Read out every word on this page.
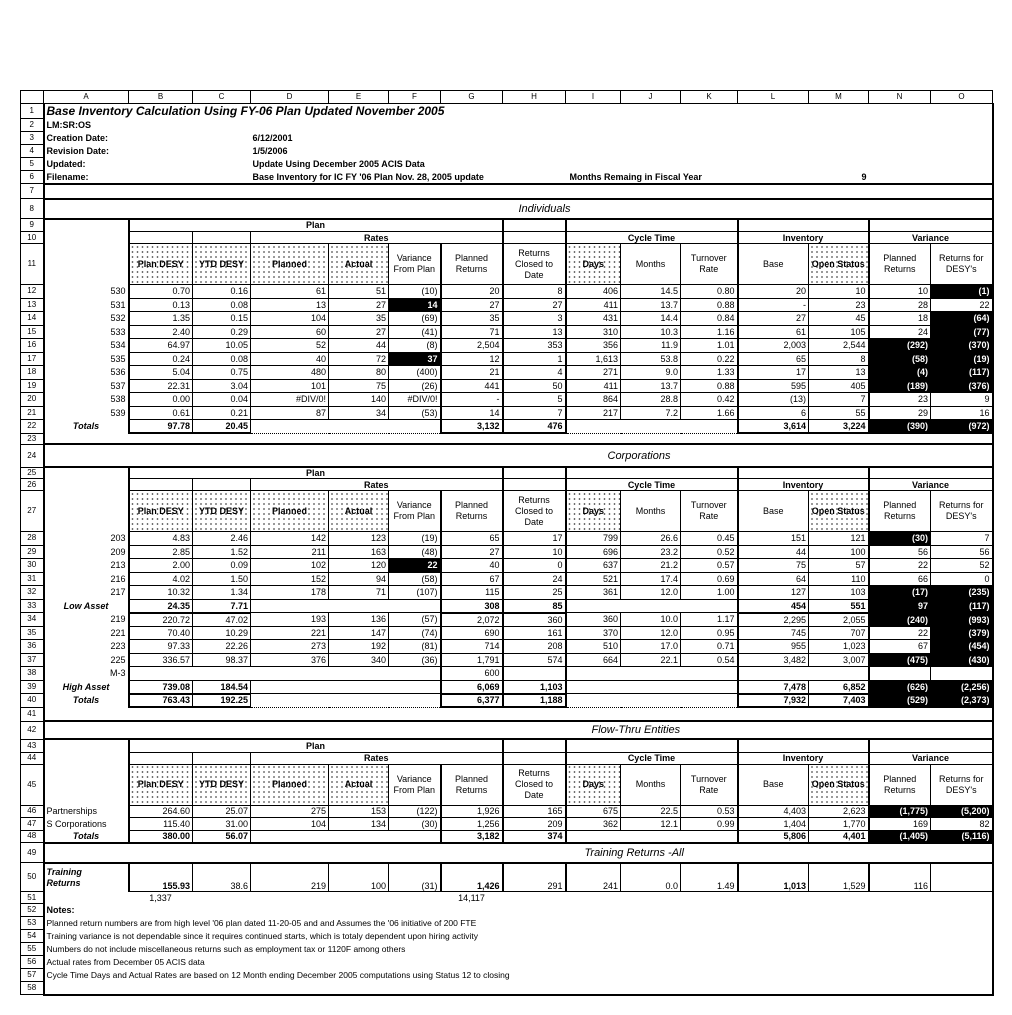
	A	B	C	D	E	F	G	H	I	J	K	L	M	N	O
1	Base Inventory Calculation Using FY-06 Plan Updated November 2005														
2	LM:SR:OS														
3	Creation Date:			6/12/2001											
4	Revision Date:			1/5/2006											
5	Updated:			Update Using December 2005 ACIS Data											
6	Filename:			Base Inventory for IC FY '06 Plan Nov. 28, 2005 update					Months Remaing in Fiscal Year				9		
7															
8	Individuals														
9		Plan													
10				Rates					Cycle Time			Inventory		Variance	
11		Plan DESY	YTD DESY	Planned	Actual	Variance From Plan	Planned Returns	Returns Closed to Date	Days	Months	Turnover Rate	Base	Open Status	Planned Returns	Returns for DESY's
12	530	0.70	0.16	61	51	(10)	20	8	406	14.5	0.80	20	10	10	(1)
13	531	0.13	0.08	13	27	14	27	27	411	13.7	0.88	-	23	28	22
14	532	1.35	0.15	104	35	(69)	35	3	431	14.4	0.84	27	45	18	(64)
15	533	2.40	0.29	60	27	(41)	71	13	310	10.3	1.16	61	105	24	(77)
16	534	64.97	10.05	52	44	(8)	2,504	353	356	11.9	1.01	2,003	2,544	(292)	(370)
17	535	0.24	0.08	40	72	37	12	1	1,613	53.8	0.22	65	8	(58)	(19)
18	536	5.04	0.75	480	80	(400)	21	4	271	9.0	1.33	17	13	(4)	(117)
19	537	22.31	3.04	101	75	(26)	441	50	411	13.7	0.88	595	405	(189)	(376)
20	538	0.00	0.04	#DIV/0!	140	#DIV/0!	-	5	864	28.8	0.42	(13)	7	23	9
21	539	0.61	0.21	87	34	(53)	14	7	217	7.2	1.66	6	55	29	16
22	Totals	97.78	20.45				3,132	476				3,614	3,224	(390)	(972)
23															
24	Corporations														
25		Plan													
26				Rates					Cycle Time			Inventory		Variance	
27		Plan DESY	YTD DESY	Planned	Actual	Variance From Plan	Planned Returns	Returns Closed to Date	Days	Months	Turnover Rate	Base	Open Status	Planned Returns	Returns for DESY's
28	203	4.83	2.46	142	123	(19)	65	17	799	26.6	0.45	151	121	(30)	7
29	209	2.85	1.52	211	163	(48)	27	10	696	23.2	0.52	44	100	56	56
30	213	2.00	0.09	102	120	22	40	0	637	21.2	0.57	75	57	22	52
31	216	4.02	1.50	152	94	(58)	67	24	521	17.4	0.69	64	110	66	0
32	217	10.32	1.34	178	71	(107)	115	25	361	12.0	1.00	127	103	(17)	(235)
33	Low Asset	24.35	7.71				308	85				454	551	97	(117)
34	219	220.72	47.02	193	136	(57)	2,072	360	360	10.0	1.17	2,295	2,055	(240)	(993)
35	221	70.40	10.29	221	147	(74)	690	161	370	12.0	0.95	745	707	22	(379)
36	223	97.33	22.26	273	192	(81)	714	208	510	17.0	0.71	955	1,023	67	(454)
37	225	336.57	98.37	376	340	(36)	1,791	574	664	22.1	0.54	3,482	3,007	(475)	(430)
38	M-3						600								
39	High Asset	739.08	184.54				6,069	1,103				7,478	6,852	(626)	(2,256)
40	Totals	763.43	192.25				6,377	1,188				7,932	7,403	(529)	(2,373)
41															
42	Flow-Thru Entities														
43		Plan													
44				Rates					Cycle Time			Inventory		Variance	
45		Plan DESY	YTD DESY	Planned	Actual	Variance From Plan	Planned Returns	Returns Closed to Date	Days	Months	Turnover Rate	Base	Open Status	Planned Returns	Returns for DESY's
46	Partnerships	264.60	25.07	275	153	(122)	1,926	165	675	22.5	0.53	4,403	2,623	(1,775)	(5,200)
47	S Corporations	115.40	31.00	104	134	(30)	1,256	209	362	12.1	0.99	1,404	1,770	169	82
48	Totals	380.00	56.07				3,182	374				5,806	4,401	(1,405)	(5,116)
49	Training Returns -All														
50	Training
Returns	155.93	38.6	219	100	(31)	1,426	291	241	0.0	1.49	1,013	1,529	116	
51		1,337					14,117								
52	Notes:														
53	Planned return numbers are from high level '06 plan dated 11-20-05 and and Assumes the '06 initiative of 200 FTE														
54	Training variance is not dependable since it requires continued starts, which is totaly dependent upon hiring activity														
55	Numbers do not include miscellaneous returns such as employment tax or 1120F among others														
56	Actual rates from December 05 ACIS data														
57	Cycle Time Days and Actual Rates are based on 12 Month ending December 2005 computations using Status 12 to closing														
58															
